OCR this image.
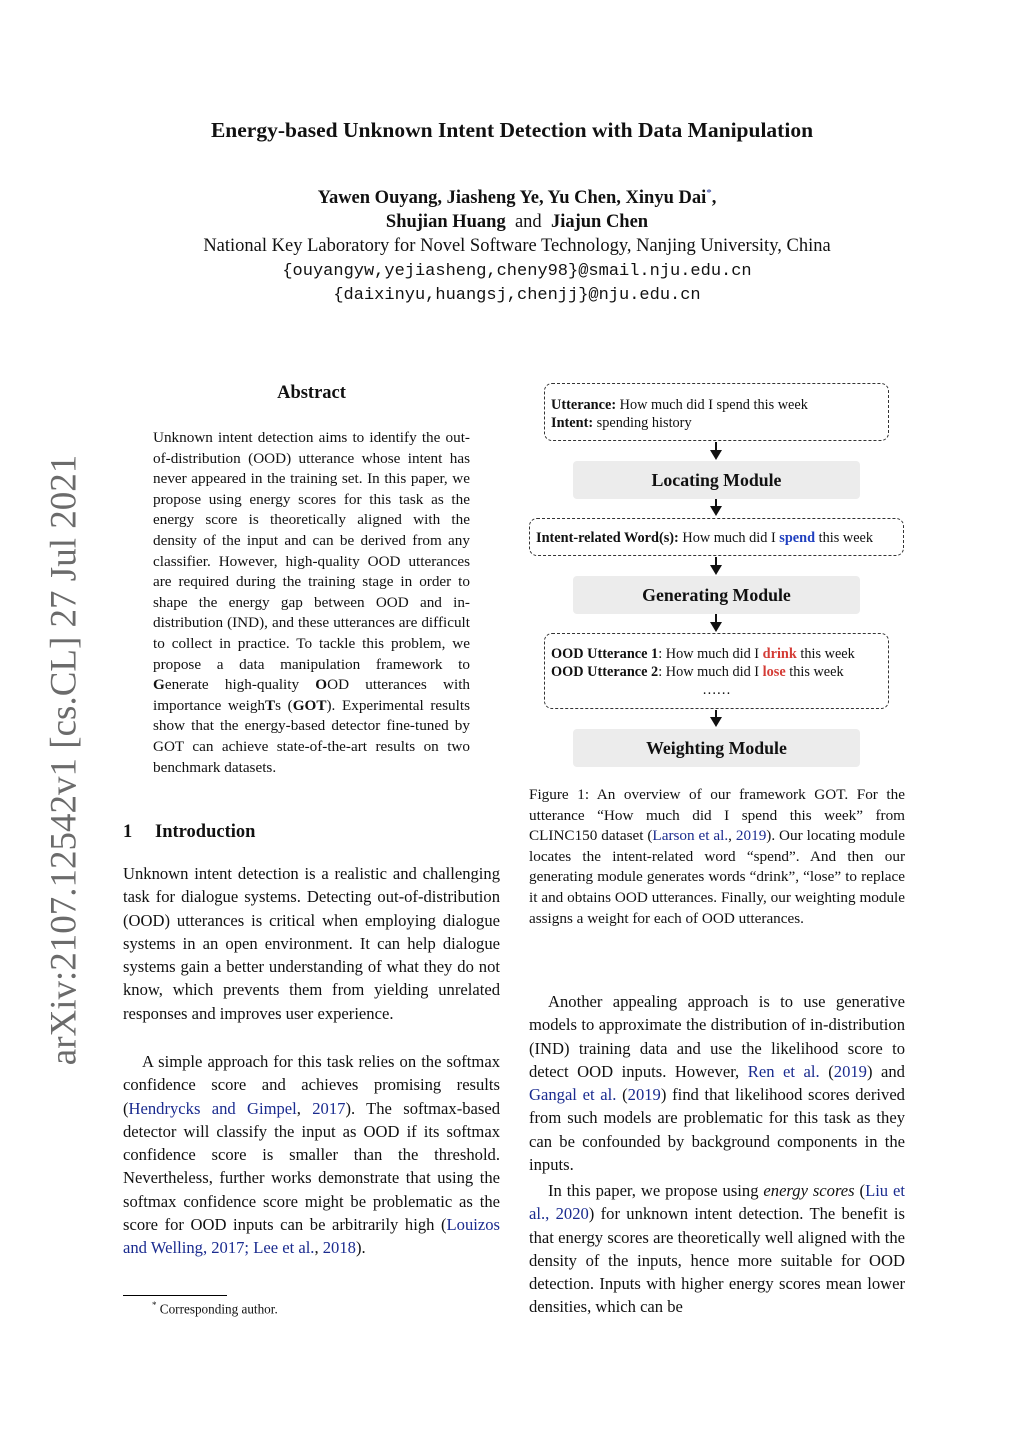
Energy-based Unknown Intent Detection with Data Manipulation
Yawen Ouyang, Jiasheng Ye, Yu Chen, Xinyu Dai*,
Shujian Huang and Jiajun Chen
National Key Laboratory for Novel Software Technology, Nanjing University, China
{ouyangyw,yejiasheng,cheny98}@smail.nju.edu.cn
{daixinyu,huangsj,chenjj}@nju.edu.cn
arXiv:2107.12542v1 [cs.CL] 27 Jul 2021
Abstract

Unknown intent detection aims to identify the out-of-distribution (OOD) utterance whose intent has never appeared in the training set. In this paper, we propose using energy scores for this task as the energy score is theoretically aligned with the density of the input and can be derived from any classifier. However, high-quality OOD utterances are required during the training stage in order to shape the energy gap between OOD and in-distribution (IND), and these utterances are difficult to collect in practice. To tackle this problem, we propose a data manipulation framework to Generate high-quality OOD utterances with importance weighTs (GOT). Experimental results show that the energy-based detector fine-tuned by GOT can achieve state-of-the-art results on two benchmark datasets.

1 Introduction

Unknown intent detection is a realistic and challenging task for dialogue systems. Detecting out-of-distribution (OOD) utterances is critical when employing dialogue systems in an open environment. It can help dialogue systems gain a better understanding of what they do not know, which prevents them from yielding unrelated responses and improves user experience.

A simple approach for this task relies on the softmax confidence score and achieves promising results (Hendrycks and Gimpel, 2017). The softmax-based detector will classify the input as OOD if its softmax confidence score is smaller than the threshold. Nevertheless, further works demonstrate that using the softmax confidence score might be problematic as the score for OOD inputs can be arbitrarily high (Louizos and Welling, 2017; Lee et al., 2018).

* Corresponding author.
Utterance: How much did I spend this week
Intent: spending history
Locating Module
Intent-related Word(s): How much did I spend this week
Generating Module
OOD Utterance 1: How much did I drink this week
OOD Utterance 2: How much did I lose this week
……
Weighting Module

Figure 1: An overview of our framework GOT. For the utterance “How much did I spend this week” from CLINC150 dataset (Larson et al., 2019). Our locating module locates the intent-related word “spend”. And then our generating module generates words “drink”, “lose” to replace it and obtains OOD utterances. Finally, our weighting module assigns a weight for each of OOD utterances.

Another appealing approach is to use generative models to approximate the distribution of in-distribution (IND) training data and use the likelihood score to detect OOD inputs. However, Ren et al. (2019) and Gangal et al. (2019) find that likelihood scores derived from such models are problematic for this task as they can be confounded by background components in the inputs.

In this paper, we propose using energy scores (Liu et al., 2020) for unknown intent detection. The benefit is that energy scores are theoretically well aligned with the density of the inputs, hence more suitable for OOD detection. Inputs with higher energy scores mean lower densities, which can be
